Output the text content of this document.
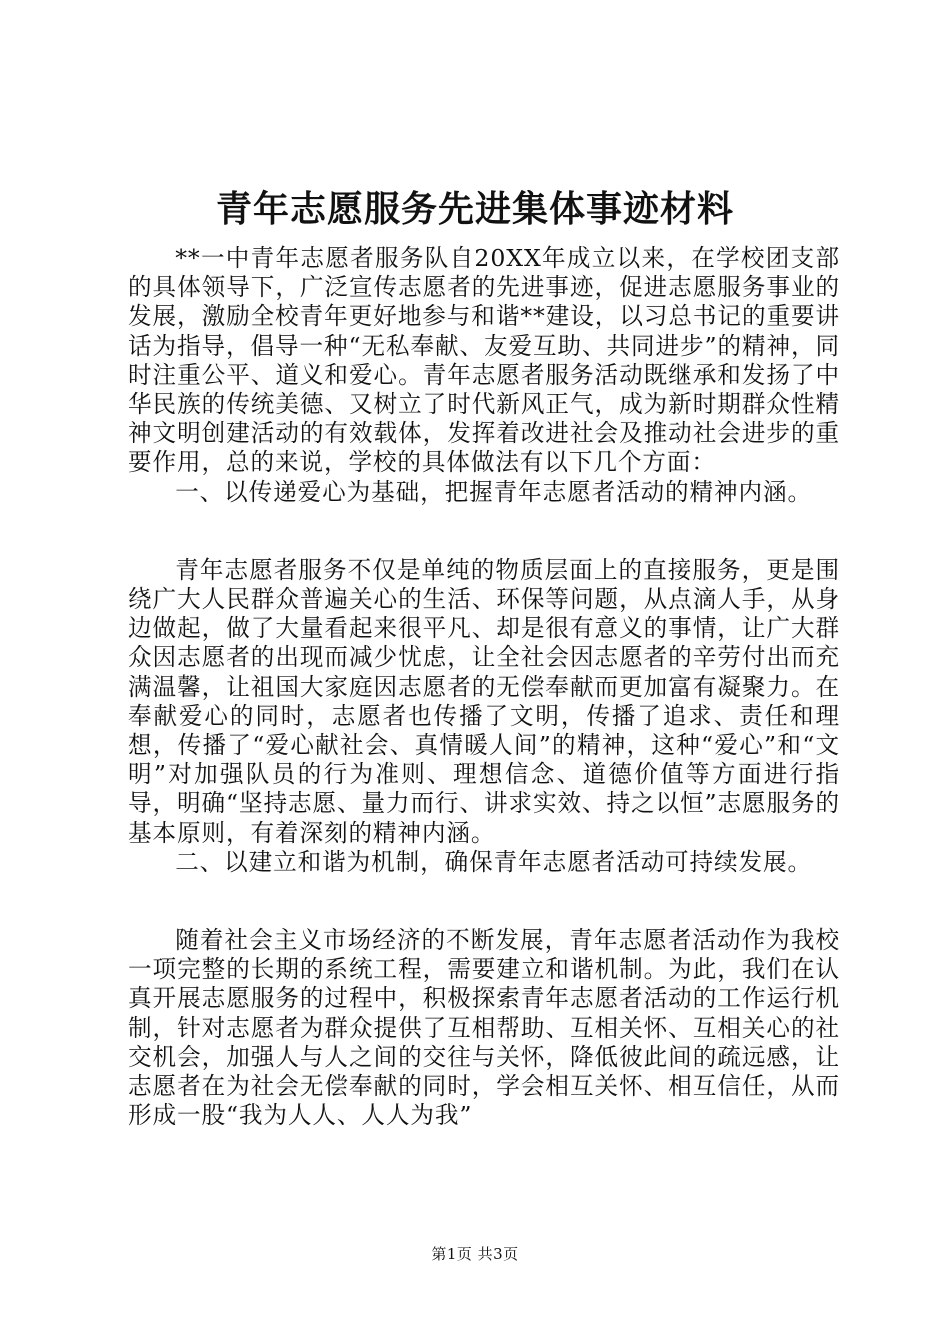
青年志愿服务先进集体事迹材料

**一中青年志愿者服务队自20XX年成立以来，在学校团支部的具体领导下，广泛宣传志愿者的先进事迹，促进志愿服务事业的发展，激励全校青年更好地参与和谐**建设，以习总书记的重要讲话为指导，倡导一种“无私奉献、友爱互助、共同进步”的精神，同时注重公平、道义和爱心。青年志愿者服务活动既继承和发扬了中华民族的传统美德、又树立了时代新风正气，成为新时期群众性精神文明创建活动的有效载体，发挥着改进社会及推动社会进步的重要作用，总的来说，学校的具体做法有以下几个方面：

一、以传递爱心为基础，把握青年志愿者活动的精神内涵。

青年志愿者服务不仅是单纯的物质层面上的直接服务，更是围绕广大人民群众普遍关心的生活、环保等问题，从点滴人手，从身边做起，做了大量看起来很平凡、却是很有意义的事情，让广大群众因志愿者的出现而减少忧虑，让全社会因志愿者的辛劳付出而充满温馨，让祖国大家庭因志愿者的无偿奉献而更加富有凝聚力。在奉献爱心的同时，志愿者也传播了文明，传播了追求、责任和理想，传播了“爱心献社会、真情暖人间”的精神，这种“爱心”和“文明”对加强队员的行为准则、理想信念、道德价值等方面进行指导，明确“坚持志愿、量力而行、讲求实效、持之以恒”志愿服务的基本原则，有着深刻的精神内涵。

二、以建立和谐为机制，确保青年志愿者活动可持续发展。

随着社会主义市场经济的不断发展，青年志愿者活动作为我校一项完整的长期的系统工程，需要建立和谐机制。为此，我们在认真开展志愿服务的过程中，积极探索青年志愿者活动的工作运行机制，针对志愿者为群众提供了互相帮助、互相关怀、互相关心的社交机会，加强人与人之间的交往与关怀，降低彼此间的疏远感，让志愿者在为社会无偿奉献的同时，学会相互关怀、相互信任，从而形成一股“我为人人、人人为我”

第1页 共3页
